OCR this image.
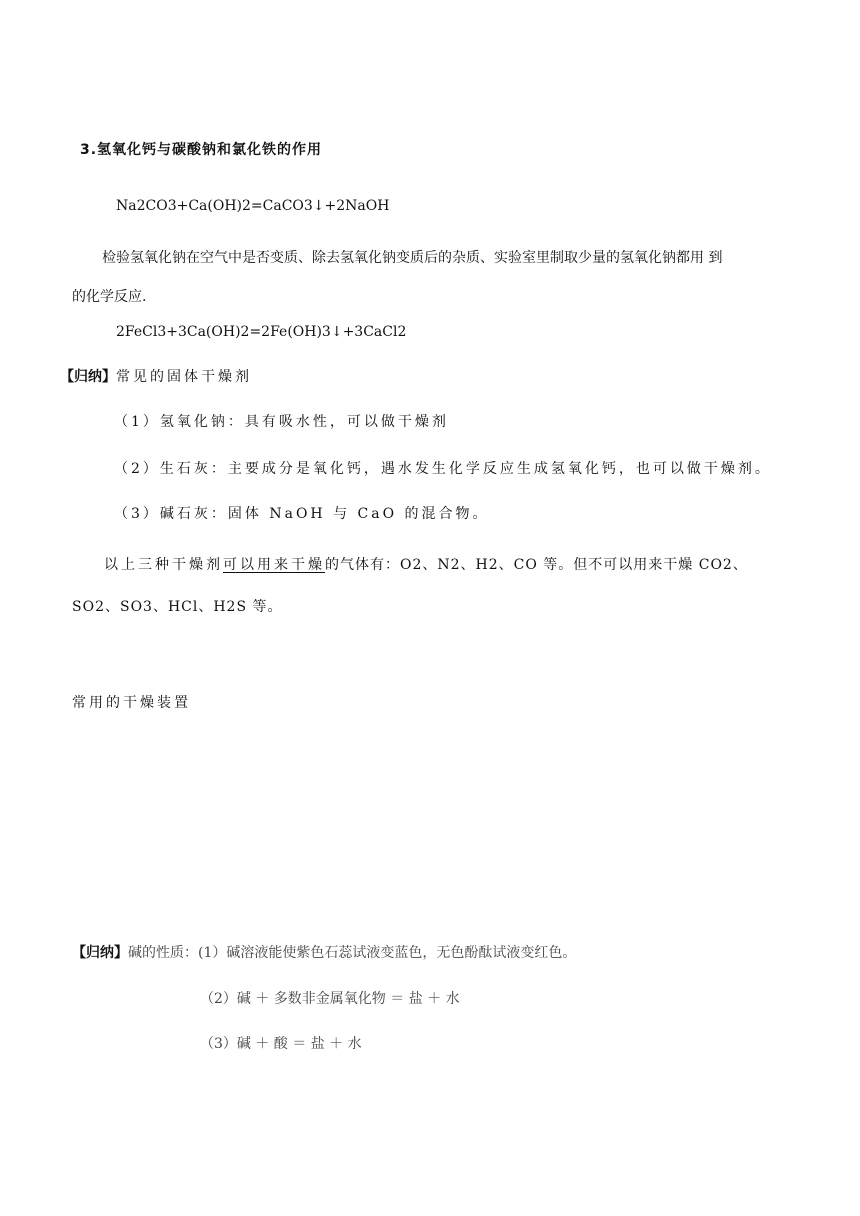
3.氢氧化钙与碳酸钠和氯化铁的作用
Na2CO3+Ca(OH)2=CaCO3↓+2NaOH
检验氢氧化钠在空气中是否变质、除去氢氧化钠变质后的杂质、实验室里制取少量的氢氧化钠都用 到
的化学反应.
2FeCl3+3Ca(OH)2=2Fe(OH)3↓+3CaCl2
【归纳】常见的固体干燥剂
（1）氢氧化钠：具有吸水性，可以做干燥剂
（2）生石灰：主要成分是氧化钙，遇水发生化学反应生成氢氧化钙，也可以做干燥剂。
（3）碱石灰：固体 NaOH 与 CaO 的混合物。
以上三种干燥剂可以用来干燥的气体有：O2、N2、H2、CO 等。但不可以用来干燥 CO2、
SO2、SO3、HCl、H2S 等。
常用的干燥装置
【归纳】碱的性质：(1）碱溶液能使紫色石蕊试液变蓝色，无色酚酞试液变红色。
（2）碱 ＋ 多数非金属氧化物 ＝ 盐 ＋ 水
（3）碱 ＋ 酸 ＝ 盐 ＋ 水
